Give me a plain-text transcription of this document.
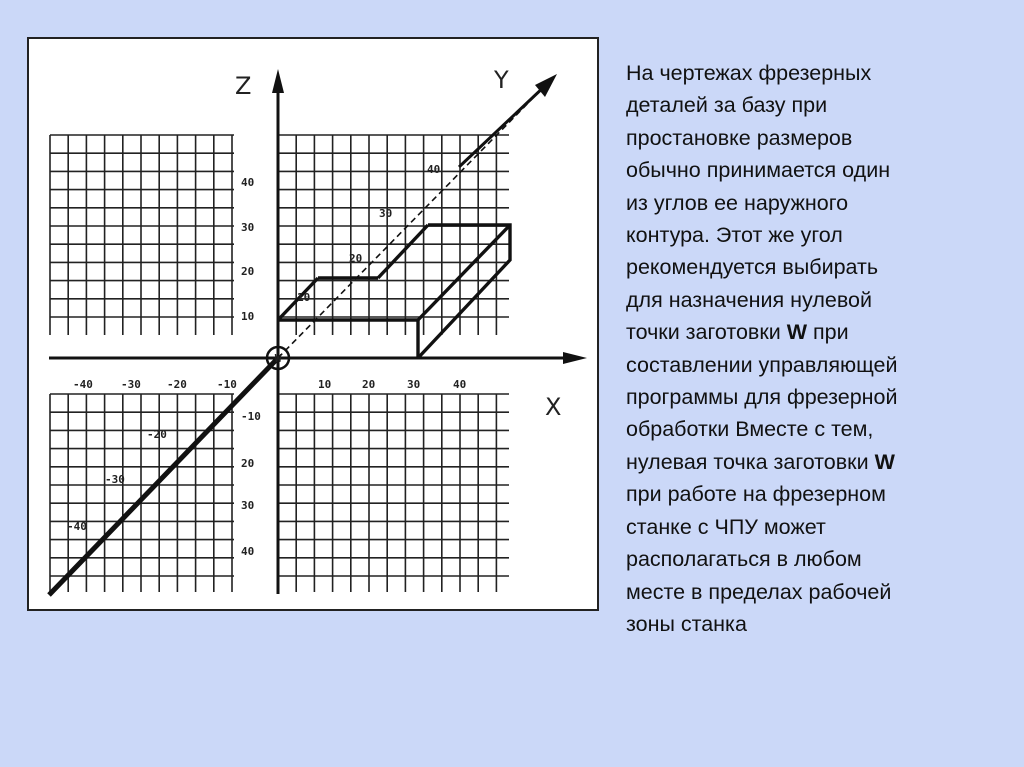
W
Z	Y
X
40
30
20
10
-10
20
30
40
10	20	30	40
-40	-30 -20	-10
10
20
30
40
-20
-30
-40
На чертежах фрезерных
деталей за базу при
простановке размеров
обычно принимается один
из углов ее наружного
контура. Этот же угол
рекомендуется выбирать
для назначения нулевой
точки заготовки W при
составлении управляющей
программы для фрезерной
обработки Вместе с тем,
нулевая точка заготовки W
при работе на фрезерном
станке с ЧПУ может
располагаться в любом
месте в пределах рабочей
зоны станка
